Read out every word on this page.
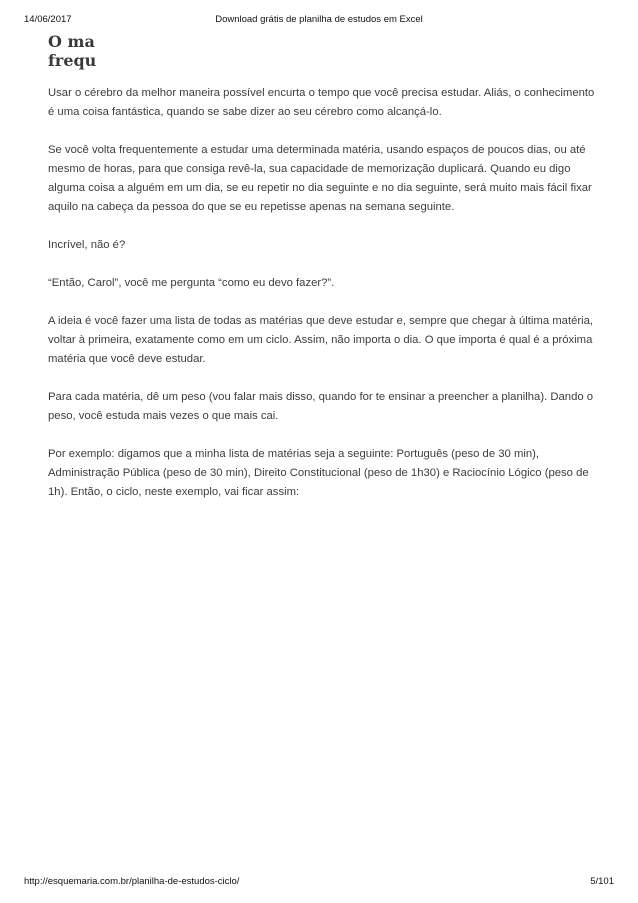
14/06/2017	Download grátis de planilha de estudos em Excel
O ma
frequ

Usar o cérebro da melhor maneira possível encurta o tempo que você precisa estudar. Aliás, o conhecimento é uma coisa fantástica, quando se sabe dizer ao seu cérebro como alcançá-lo.

Se você volta frequentemente a estudar uma determinada matéria, usando espaços de poucos dias, ou até mesmo de horas, para que consiga revê-la, sua capacidade de memorização duplicará. Quando eu digo alguma coisa a alguém em um dia, se eu repetir no dia seguinte e no dia seguinte, será muito mais fácil fixar aquilo na cabeça da pessoa do que se eu repetisse apenas na semana seguinte.

Incrível, não é?

“Então, Carol”, você me pergunta “como eu devo fazer?”.

A ideia é você fazer uma lista de todas as matérias que deve estudar e, sempre que chegar à última matéria, voltar à primeira, exatamente como em um ciclo. Assim, não importa o dia. O que importa é qual é a próxima matéria que você deve estudar.

Para cada matéria, dê um peso (vou falar mais disso, quando for te ensinar a preencher a planilha). Dando o peso, você estuda mais vezes o que mais cai.

Por exemplo: digamos que a minha lista de matérias seja a seguinte: Português (peso de 30 min), Administração Pública (peso de 30 min), Direito Constitucional (peso de 1h30) e Raciocínio Lógico (peso de 1h). Então, o ciclo, neste exemplo, vai ficar assim:

http://esquemaria.com.br/planilha-de-estudos-ciclo/	5/101
